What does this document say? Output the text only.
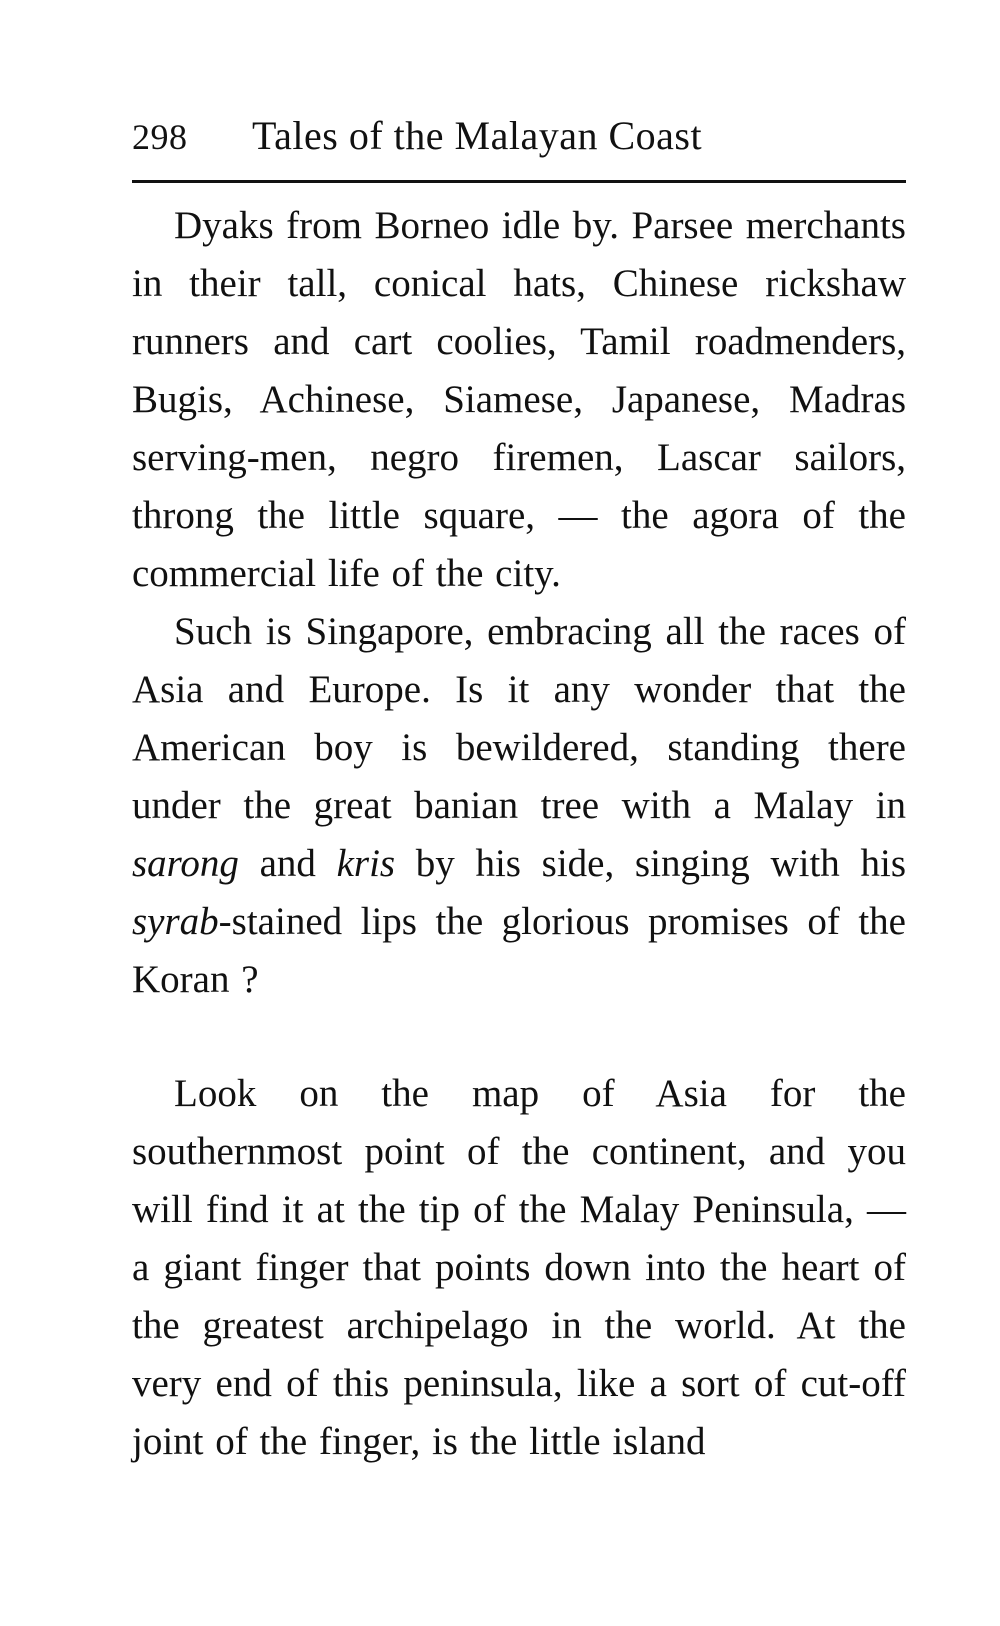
298	Tales of the Malayan Coast

Dyaks from Borneo idle by. Parsee merchants in their tall, conical hats, Chinese rickshaw runners and cart coolies, Tamil roadmenders, Bugis, Achinese, Siamese, Japanese, Madras serving-men, negro firemen, Lascar sailors, throng the little square, — the agora of the commercial life of the city.

Such is Singapore, embracing all the races of Asia and Europe. Is it any wonder that the American boy is bewildered, standing there under the great banian tree with a Malay in sarong and kris by his side, singing with his syrab-stained lips the glorious promises of the Koran ?

Look on the map of Asia for the southernmost point of the continent, and you will find it at the tip of the Malay Peninsula, — a giant finger that points down into the heart of the greatest archipelago in the world. At the very end of this peninsula, like a sort of cut-off joint of the finger, is the little island
